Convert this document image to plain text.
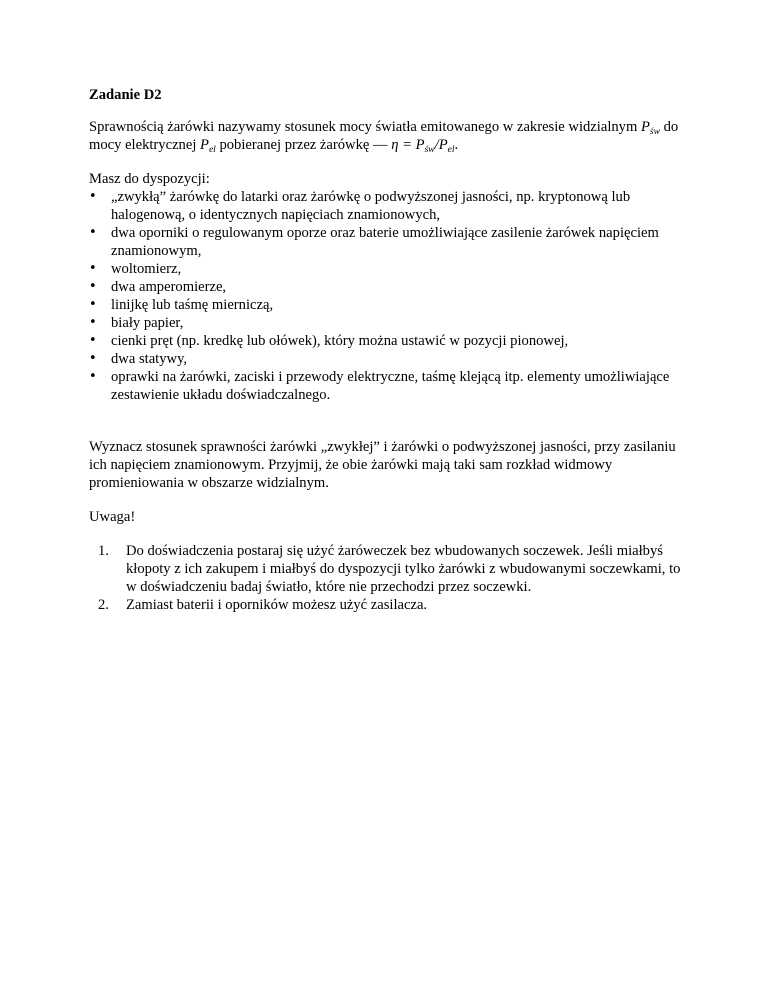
Zadanie D2

Sprawnością żarówki nazywamy stosunek mocy światła emitowanego w zakresie widzialnym $P_{św}$ do mocy elektrycznej $P_{el}$ pobieranej przez żarówkę — $\eta = P_{św}/P_{el}$.

Masz do dyspozycji:

• „zwykłą” żarówkę do latarki oraz żarówkę o podwyższonej jasności, np. kryptonową lub halogenową, o identycznych napięciach znamionowych,
• dwa oporniki o regulowanym oporze oraz baterie umożliwiające zasilenie żarówek napięciem znamionowym,
• woltomierz,
• dwa amperomierze,
• linijkę lub taśmę mierniczą,
• biały papier,
• cienki pręt (np. kredkę lub ołówek), który można ustawić w pozycji pionowej,
• dwa statywy,
• oprawki na żarówki, zaciski i przewody elektryczne, taśmę klejącą itp. elementy umożliwiające zestawienie układu doświadczalnego.

Wyznacz stosunek sprawności żarówki „zwykłej” i żarówki o podwyższonej jasności, przy zasilaniu ich napięciem znamionowym. Przyjmij, że obie żarówki mają taki sam rozkład widmowy promieniowania w obszarze widzialnym.

Uwaga!

1. Do doświadczenia postaraj się użyć żaróweczek bez wbudowanych soczewek. Jeśli miałbyś kłopoty z ich zakupem i miałbyś do dyspozycji tylko żarówki z wbudowanymi soczewkami, to w doświadczeniu badaj światło, które nie przechodzi przez soczewki.
2. Zamiast baterii i oporników możesz użyć zasilacza.
